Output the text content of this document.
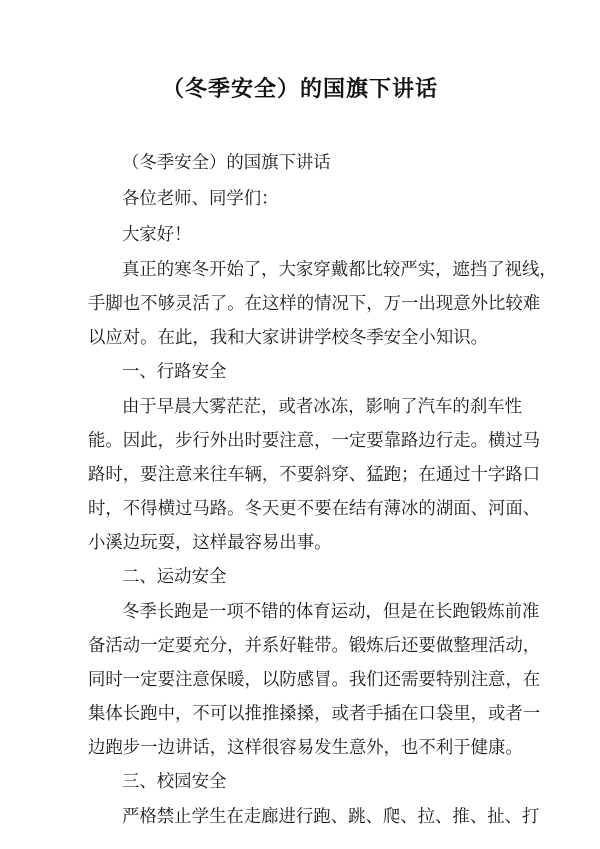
（冬季安全）的国旗下讲话

（冬季安全）的国旗下讲话

各位老师、同学们：

大家好！

真正的寒冬开始了，大家穿戴都比较严实，遮挡了视线，

手脚也不够灵活了。在这样的情况下，万一出现意外比较难

以应对。在此，我和大家讲讲学校冬季安全小知识。

一、行路安全

由于早晨大雾茫茫，或者冰冻，影响了汽车的刹车性

能。因此，步行外出时要注意，一定要靠路边行走。横过马

路时，要注意来往车辆，不要斜穿、猛跑；在通过十字路口

时，不得横过马路。冬天更不要在结有薄冰的湖面、河面、

小溪边玩耍，这样最容易出事。

二、运动安全

冬季长跑是一项不错的体育运动，但是在长跑锻炼前准

备活动一定要充分，并系好鞋带。锻炼后还要做整理活动，

同时一定要注意保暖，以防感冒。我们还需要特别注意，在

集体长跑中，不可以推推搡搡，或者手插在口袋里，或者一

边跑步一边讲话，这样很容易发生意外，也不利于健康。

三、校园安全

严格禁止学生在走廊进行跑、跳、爬、拉、推、扯、打
